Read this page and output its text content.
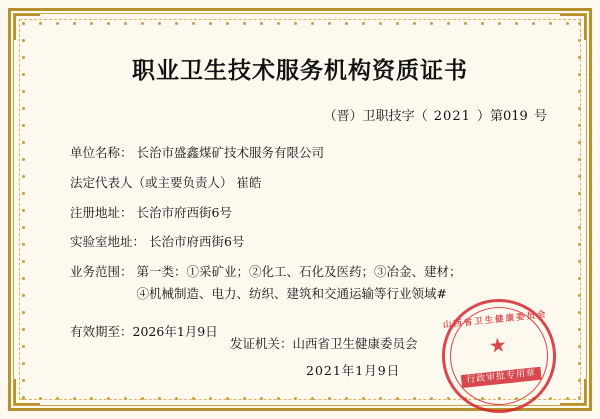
职业卫生技术服务机构资质证书
（晋）卫职技字（ 2021 ）第019 号
单位名称： 长治市盛鑫煤矿技术服务有限公司
法定代表人（或主要负责人） 崔皓
注册地址： 长治市府西街6号
实验室地址： 长治市府西街6号
业务范围： 第一类：①采矿业；②化工、石化及医药；③冶金、建材；
④机械制造、电力、纺织、建筑和交通运输等行业领域#
有效期至：2026年1月9日
发证机关： 山西省卫生健康委员会
2021年1月9日
山西省卫生健康委员会
★
行政审批专用章
